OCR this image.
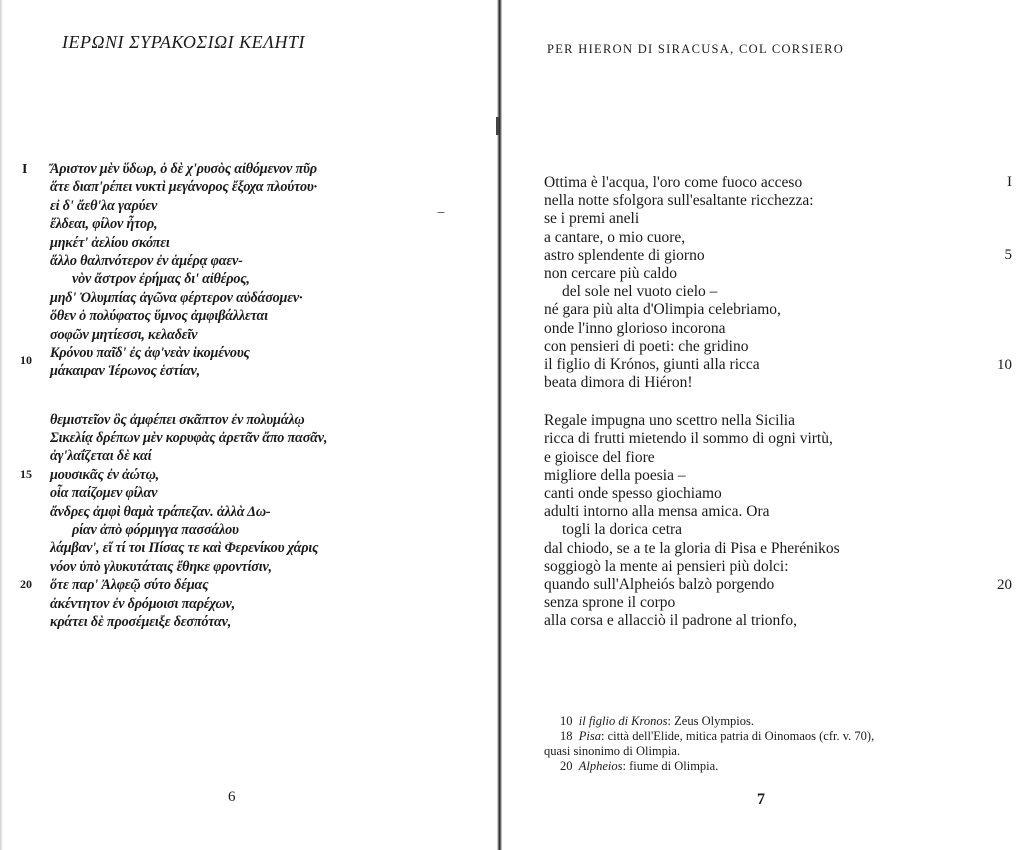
ΙΕΡΩΝΙ ΣΥΡΑΚΟΣΙΩΙ ΚΕΛΗΤΙ
I
10
15
20
Ἄριστον μὲν ὕδωρ, ὁ δὲ χ'ρυσὸς αἰθόμενον πῦρ
ἅτε διαπ'ρέπει νυκτὶ μεγάνορος ἔξοχα πλούτου·
εἰ δ' ἄεθ'λα γαρύεν
ἔλδεαι, φίλον ἦτορ,
μηκέτ' ἀελίου σκόπει
ἄλλο θαλπνότερον ἐν ἁμέρᾳ φαεν-
νὸν ἄστρον ἐρήμας δι' αἰθέρος,
μηδ' Ὀλυμπίας ἀγῶνα φέρτερον αὐδάσομεν·
ὅθεν ὁ πολύφατος ὕμνος ἀμφιβάλλεται
σοφῶν μητίεσσι, κελαδεῖν
Κρόνου παῖδ' ἐς ἀφ'νεὰν ἱκομένους
μάκαιραν Ἱέρωνος ἑστίαν,
θεμιστεῖον ὃς ἀμφέπει σκᾶπτον ἐν πολυμάλῳ
Σικελίᾳ δρέπων μὲν κορυφὰς ἀρετᾶν ἄπο πασᾶν,
ἀγ'λαΐζεται δὲ καί
μουσικᾶς ἐν ἀώτῳ,
οἷα παίζομεν φίλαν
ἄνδρες ἀμφὶ θαμὰ τράπεζαν. ἀλλὰ Δω-
ρίαν ἀπὸ φόρμιγγα πασσάλου
λάμβαν', εἴ τί τοι Πίσας τε καὶ Φερενίκου χάρις
νόον ὑπὸ γλυκυτάταις ἔθηκε φροντίσιν,
ὅτε παρ' Ἀλφεῷ σύτο δέμας
ἀκέντητον ἐν δρόμοισι παρέχων,
κράτει δὲ προσέμειξε δεσπόταν,
6
PER HIERON DI SIRACUSA, COL CORSIERO
I
5
10
20
Ottima è l'acqua, l'oro come fuoco acceso
nella notte sfolgora sull'esaltante ricchezza:
se i premi aneli
a cantare, o mio cuore,
astro splendente di giorno
non cercare più caldo
del sole nel vuoto cielo –
né gara più alta d'Olimpia celebriamo,
onde l'inno glorioso incorona
con pensieri di poeti: che gridino
il figlio di Krónos, giunti alla ricca
beata dimora di Hiéron!
Regale impugna uno scettro nella Sicilia
ricca di frutti mietendo il sommo di ogni virtù,
e gioisce del fiore
migliore della poesia –
canti onde spesso giochiamo
adulti intorno alla mensa amica. Ora
togli la dorica cetra
dal chiodo, se a te la gloria di Pisa e Pherénikos
soggiogò la mente ai pensieri più dolci:
quando sull'Alpheiós balzò porgendo
senza sprone il corpo
alla corsa e allacciò il padrone al trionfo,
10 il figlio di Kronos: Zeus Olympios.
18 Pisa: città dell'Elide, mitica patria di Oinomaos (cfr. v. 70),
quasi sinonimo di Olimpia.
20 Alpheios: fiume di Olimpia.
7
